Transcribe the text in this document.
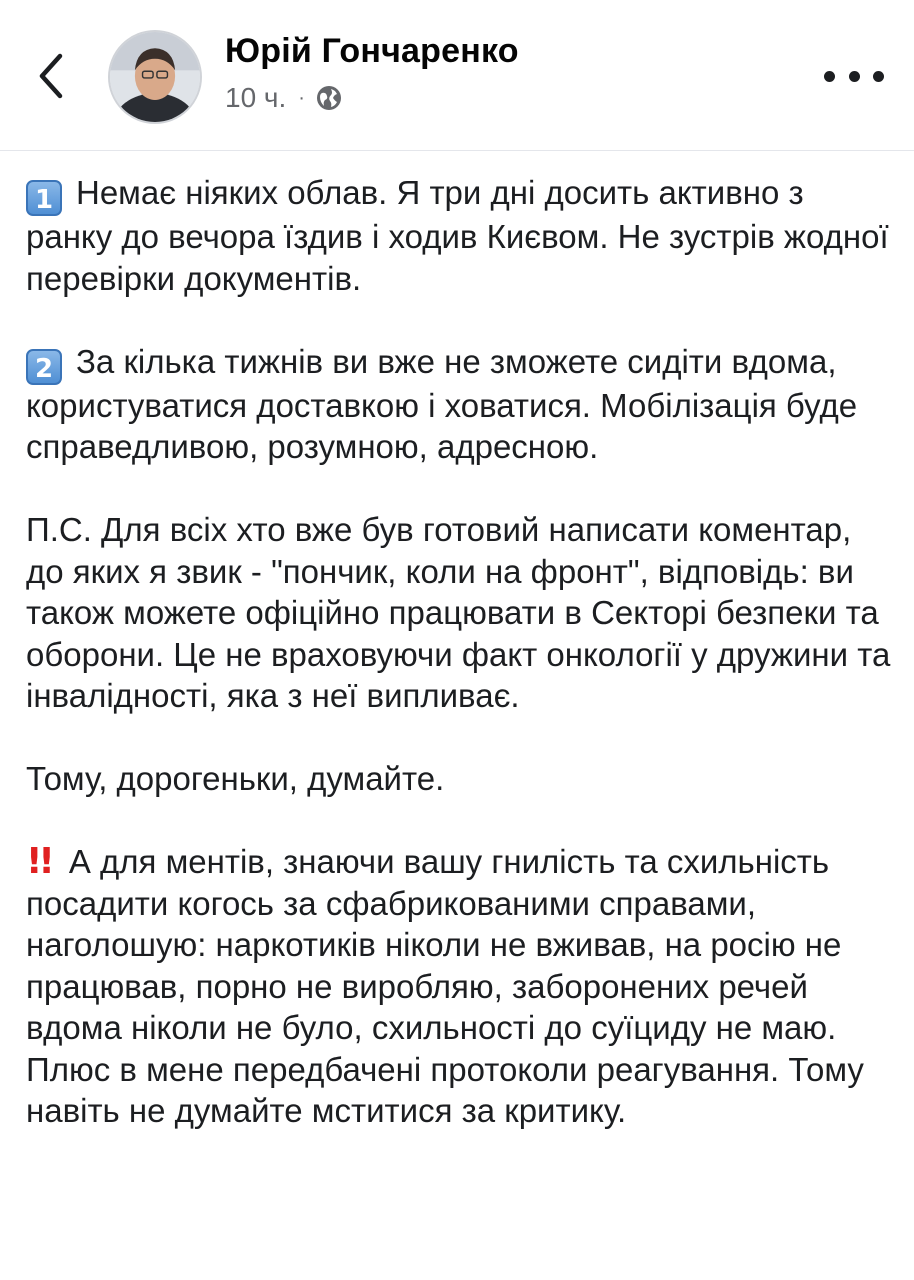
Юрій Гончаренко
10 ч. ·

1 Немає ніяких облав. Я три дні досить активно з ранку до вечора їздив і ходив Києвом. Не зустрів жодної перевірки документів.

2 За кілька тижнів ви вже не зможете сидіти вдома, користуватися доставкою і ховатися. Мобілізація буде справедливою, розумною, адресною.

П.С. Для всіх хто вже був готовий написати коментар, до яких я звик - "пончик, коли на фронт", відповідь: ви також можете офіційно працювати в Секторі безпеки та оборони. Це не враховуючи факт онкології у дружини та інвалідності, яка з неї випливає.

Тому, дорогеньки, думайте.

!! А для ментів, знаючи вашу гнилість та схильність посадити когось за сфабрикованими справами, наголошую: наркотиків ніколи не вживав, на росію не працював, порно не виробляю, заборонених речей вдома ніколи не було, схильності до суїциду не маю. Плюс в мене передбачені протоколи реагування. Тому навіть не думайте мститися за критику.
